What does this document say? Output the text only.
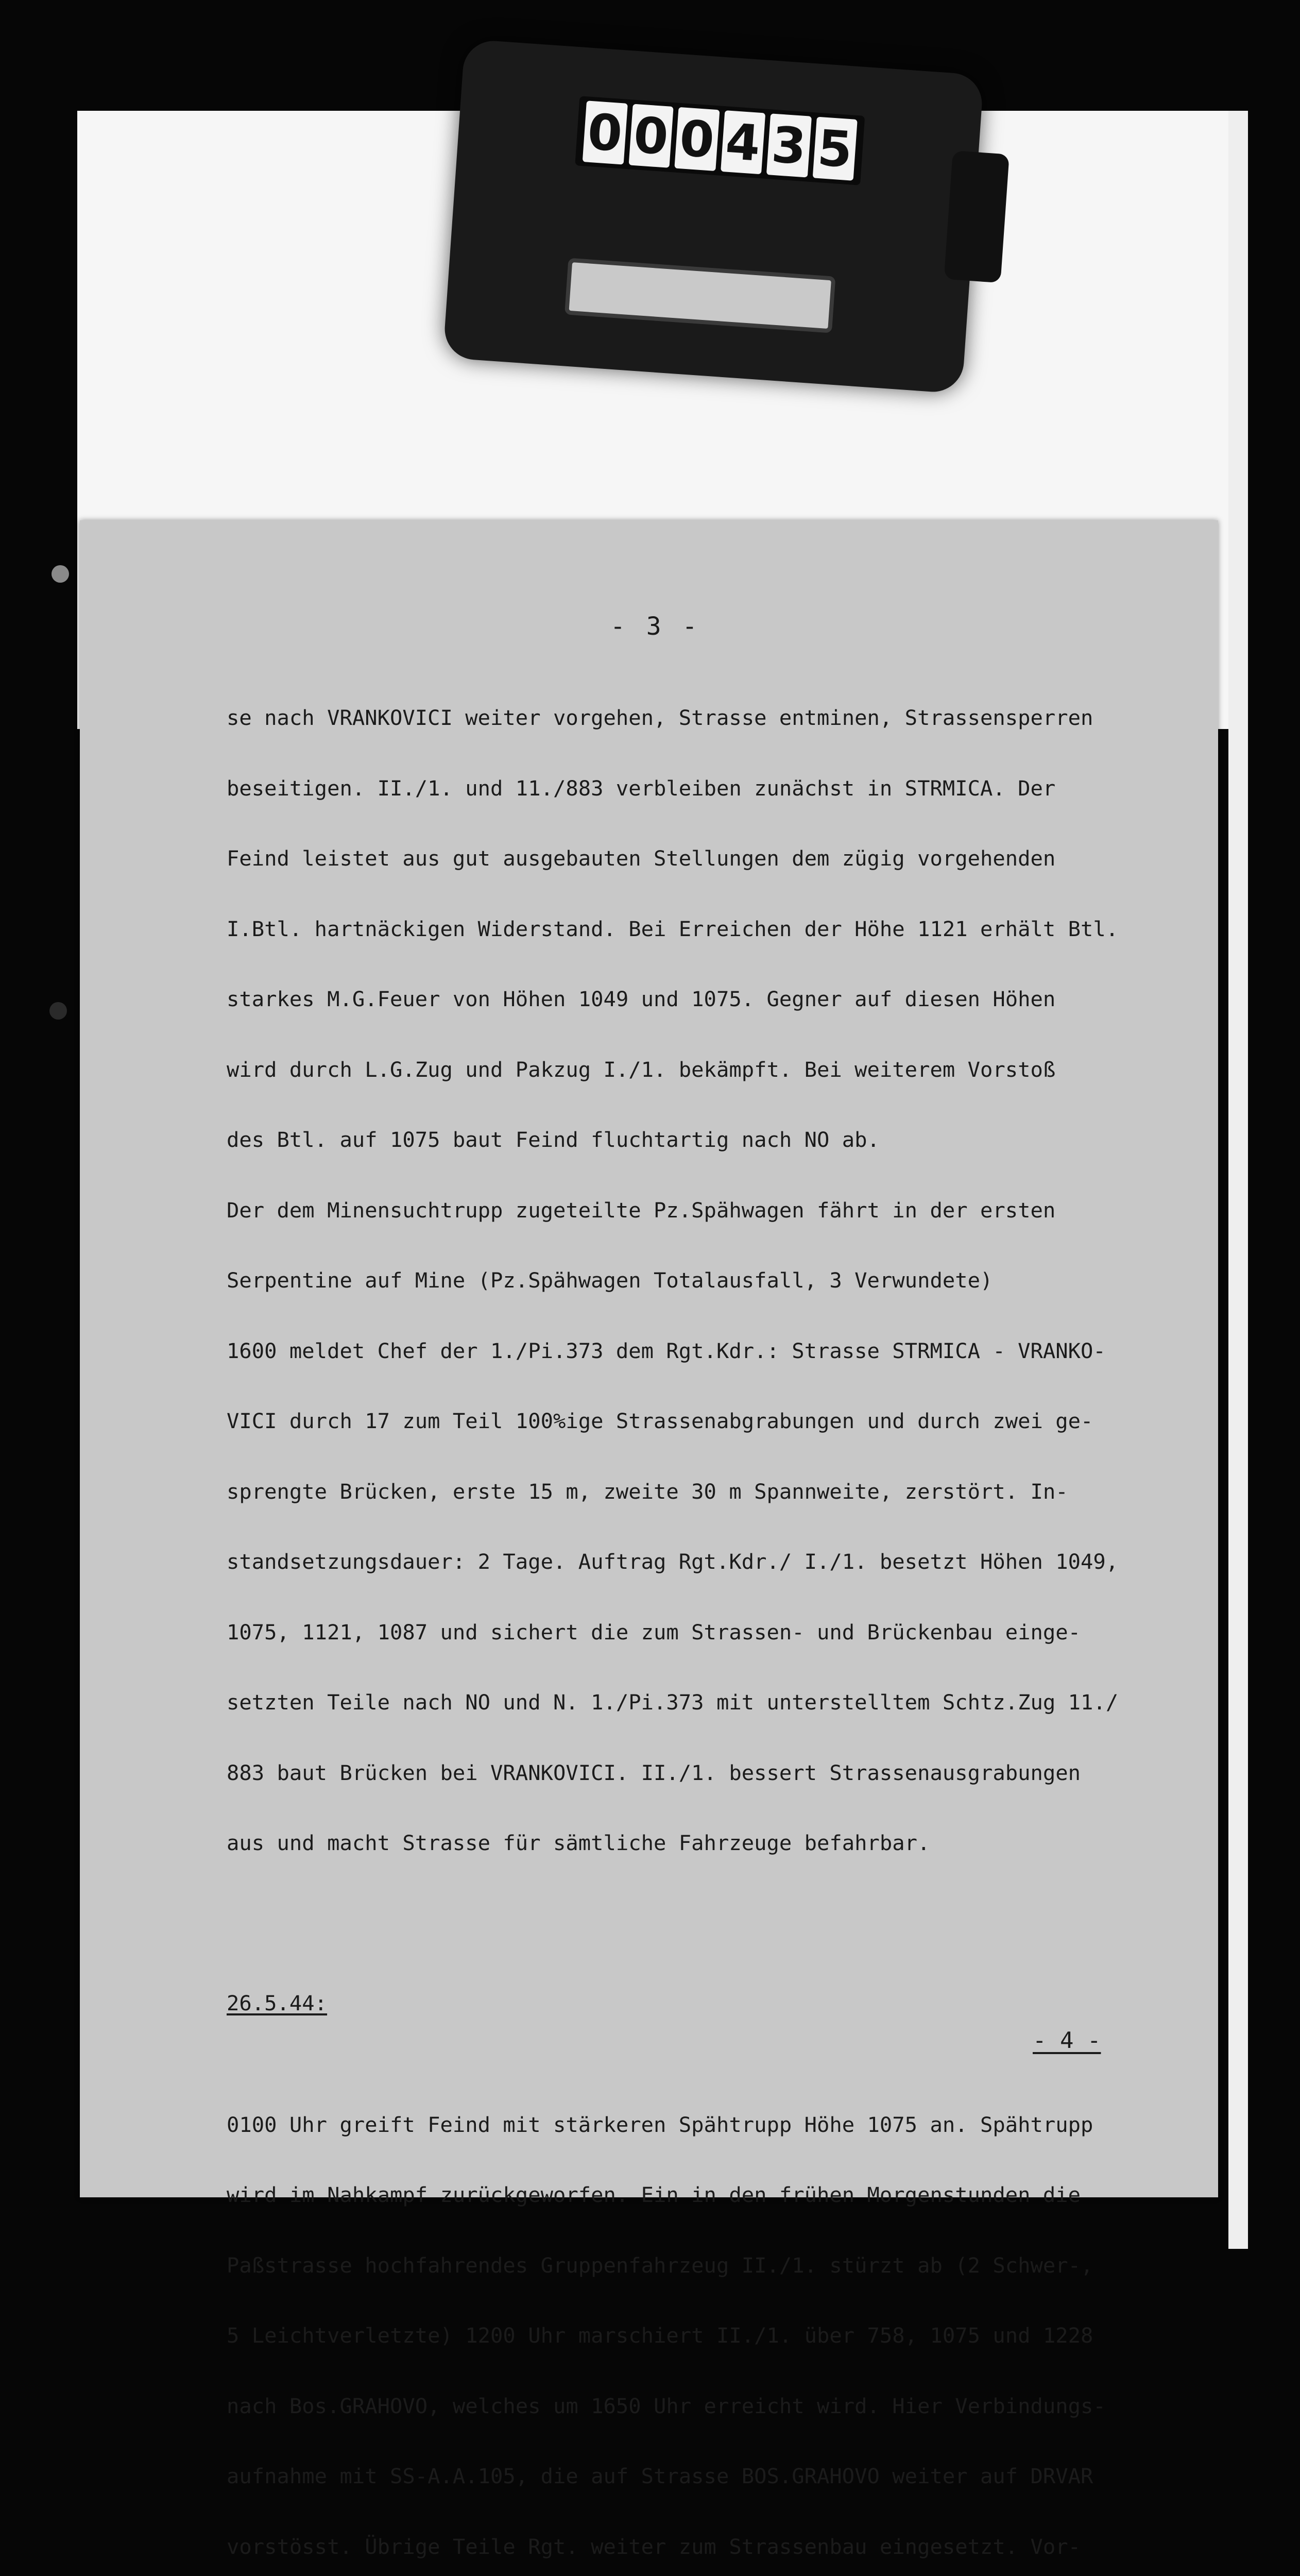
0 0 0 4 3 5
- 3 -

se nach VRANKOVICI weiter vorgehen, Strasse entminen, Strassensperren

beseitigen. II./1. und 11./883 verbleiben zunächst in STRMICA. Der

Feind leistet aus gut ausgebauten Stellungen dem zügig vorgehenden

I.Btl. hartnäckigen Widerstand. Bei Erreichen der Höhe 1121 erhält Btl.

starkes M.G.Feuer von Höhen 1049 und 1075. Gegner auf diesen Höhen

wird durch L.G.Zug und Pakzug I./1. bekämpft. Bei weiterem Vorstoß

des Btl. auf 1075 baut Feind fluchtartig nach NO ab.

Der dem Minensuchtrupp zugeteilte Pz.Spähwagen fährt in der ersten

Serpentine auf Mine (Pz.Spähwagen Totalausfall, 3 Verwundete)

1600 meldet Chef der 1./Pi.373 dem Rgt.Kdr.: Strasse STRMICA - VRANKO-

VICI durch 17 zum Teil 100%ige Strassenabgrabungen und durch zwei ge-

sprengte Brücken, erste 15 m, zweite 30 m Spannweite, zerstört. In-

standsetzungsdauer: 2 Tage. Auftrag Rgt.Kdr./ I./1. besetzt Höhen 1049,

1075, 1121, 1087 und sichert die zum Strassen- und Brückenbau einge-

setzten Teile nach NO und N. 1./Pi.373 mit unterstelltem Schtz.Zug 11./

883 baut Brücken bei VRANKOVICI. II./1. bessert Strassenausgrabungen

aus und macht Strasse für sämtliche Fahrzeuge befahrbar.

26.5.44:

0100 Uhr greift Feind mit stärkeren Spähtrupp Höhe 1075 an. Spähtrupp

wird im Nahkampf zurückgeworfen. Ein in den frühen Morgenstunden die

Paßstrasse hochfahrendes Gruppenfahrzeug II./1. stürzt ab (2 Schwer-,

5 Leichtverletzte) 1200 Uhr marschiert II./1. über 758, 1075 und 1228

nach Bos.GRAHOVO, welches um 1650 Uhr erreicht wird. Hier Verbindungs-

aufnahme mit SS-A.A.105, die auf Strasse BOS.GRAHOVO weiter auf DRVAR

vorstösst. Übrige Teile Rgt. weiter zum Strassenbau eingesetzt. Vor-

- 4 -
